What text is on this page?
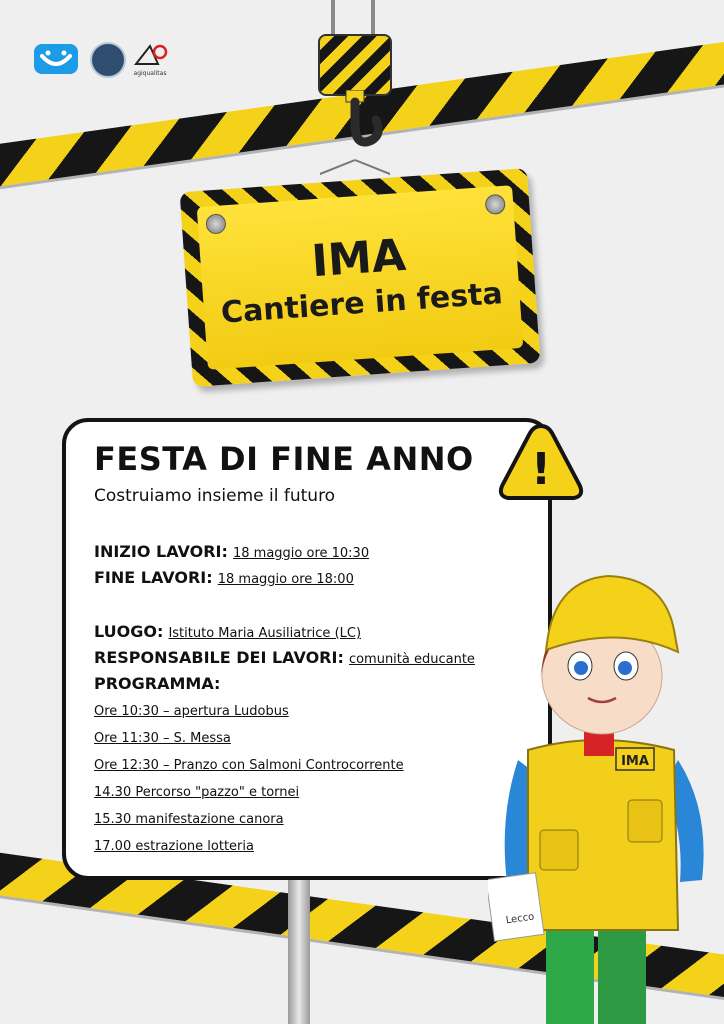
agiqualitas
IMA
Cantiere in festa
!
FESTA DI FINE ANNO
Costruiamo insieme il futuro
INIZIO LAVORI: 18 maggio ore 10:30
FINE LAVORI: 18 maggio ore 18:00
LUOGO: Istituto Maria Ausiliatrice (LC)
RESPONSABILE DEI LAVORI: comunità educante
PROGRAMMA:
Ore 10:30 – apertura Ludobus
Ore 11:30 – S. Messa
Ore 12:30 – Pranzo con Salmoni Controcorrente
14.30 Percorso "pazzo" e tornei
15.30 manifestazione canora
17.00 estrazione lotteria
IMA
Lecco
